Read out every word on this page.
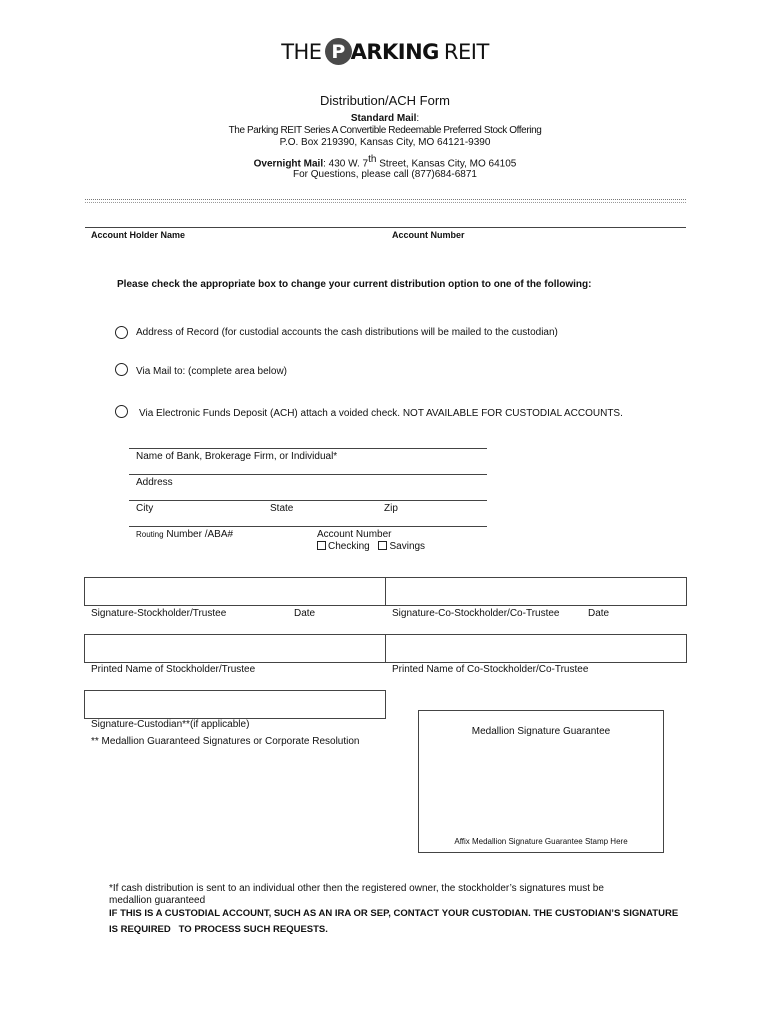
THE P ARKING REIT
Distribution/ACH Form
Standard Mail:
The Parking REIT Series A Convertible Redeemable Preferred Stock Offering
P.O. Box 219390, Kansas City, MO 64121-9390
Overnight Mail: 430 W. 7th Street, Kansas City, MO 64105
For Questions, please call (877)684-6871
Account Holder Name	Account Number
Please check the appropriate box to change your current distribution option to one of the following:
Address of Record (for custodial accounts the cash distributions will be mailed to the custodian)
Via Mail to: (complete area below)
Via Electronic Funds Deposit (ACH) attach a voided check. NOT AVAILABLE FOR CUSTODIAL ACCOUNTS.
Name of Bank, Brokerage Firm, or Individual*
Address
City	State	Zip
Routing Number /ABA#	Account Number
Checking Savings
Signature-Stockholder/Trustee	Date	Signature-Co-Stockholder/Co-Trustee	Date
Printed Name of Stockholder/Trustee	Printed Name of Co-Stockholder/Co-Trustee
Signature-Custodian**(if applicable)
** Medallion Guaranteed Signatures or Corporate Resolution
Medallion Signature Guarantee
Affix Medallion Signature Guarantee Stamp Here
*If cash distribution is sent to an individual other then the registered owner, the stockholder’s signatures must be
medallion guaranteed
IF THIS IS A CUSTODIAL ACCOUNT, SUCH AS AN IRA OR SEP, CONTACT YOUR CUSTODIAN. THE CUSTODIAN’S SIGNATURE
IS REQUIRED   TO PROCESS SUCH REQUESTS.
